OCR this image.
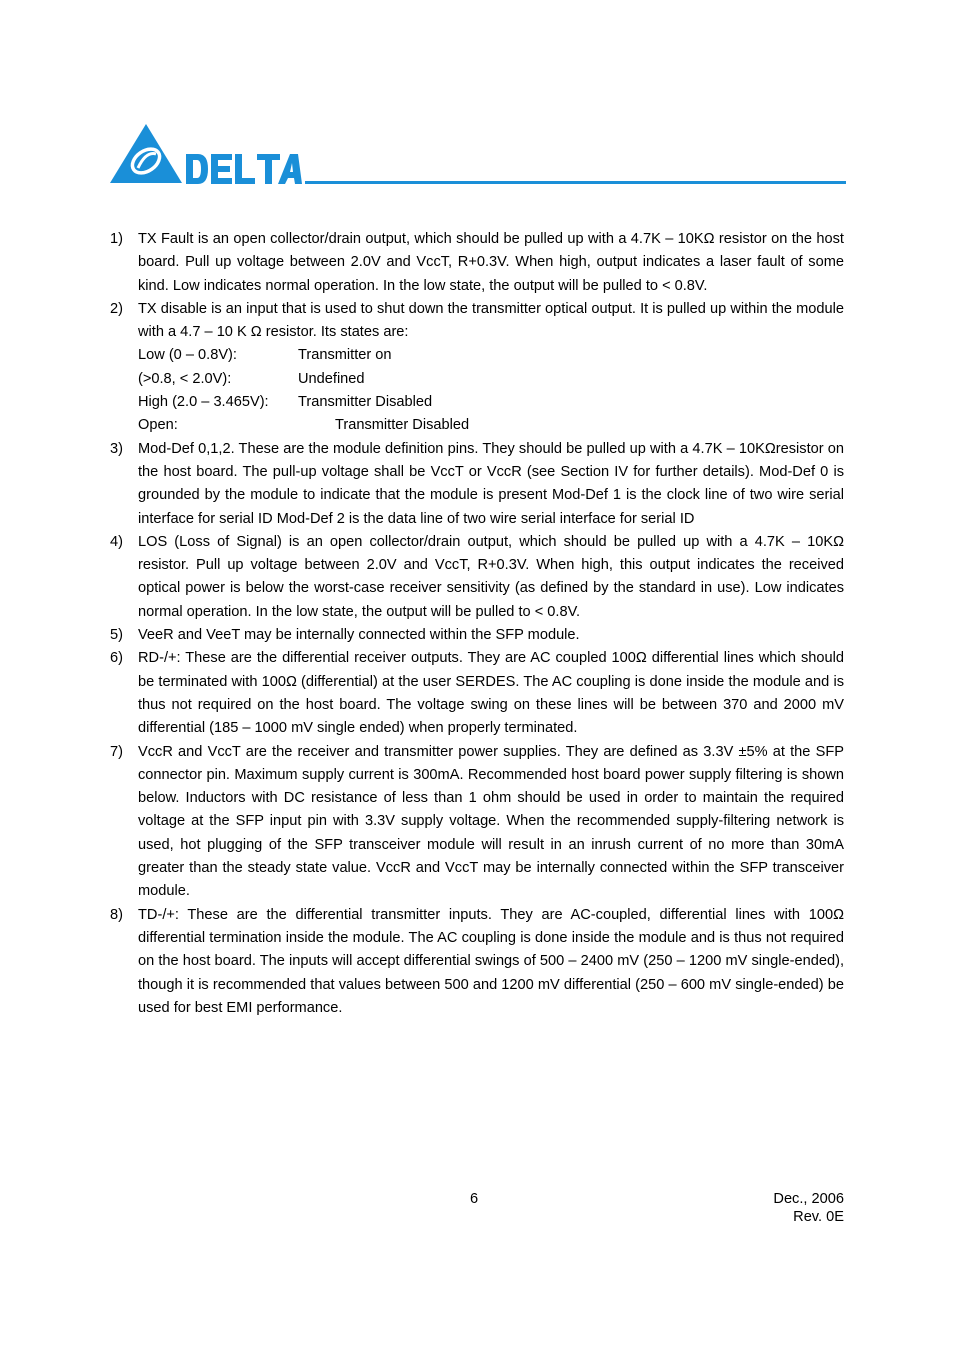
1) TX Fault is an open collector/drain output, which should be pulled up with a 4.7K – 10KΩ resistor on the host board. Pull up voltage between 2.0V and VccT, R+0.3V. When high, output indicates a laser fault of some kind. Low indicates normal operation. In the low state, the output will be pulled to < 0.8V.
2) TX disable is an input that is used to shut down the transmitter optical output. It is pulled up within the module with a 4.7 – 10 K Ω resistor. Its states are:
Low (0 – 0.8V):	Transmitter on
(>0.8, < 2.0V):	Undefined
High (2.0 – 3.465V):	Transmitter Disabled
Open:	Transmitter Disabled
3) Mod-Def 0,1,2. These are the module definition pins. They should be pulled up with a 4.7K – 10KΩresistor on the host board. The pull-up voltage shall be VccT or VccR (see Section IV for further details). Mod-Def 0 is grounded by the module to indicate that the module is present Mod-Def 1 is the clock line of two wire serial interface for serial ID Mod-Def 2 is the data line of two wire serial interface for serial ID
4) LOS (Loss of Signal) is an open collector/drain output, which should be pulled up with a 4.7K – 10KΩ resistor. Pull up voltage between 2.0V and VccT, R+0.3V. When high, this output indicates the received optical power is below the worst-case receiver sensitivity (as defined by the standard in use). Low indicates normal operation. In the low state, the output will be pulled to < 0.8V.
5) VeeR and VeeT may be internally connected within the SFP module.
6) RD-/+: These are the differential receiver outputs. They are AC coupled 100Ω differential lines which should be terminated with 100Ω (differential) at the user SERDES. The AC coupling is done inside the module and is thus not required on the host board. The voltage swing on these lines will be between 370 and 2000 mV differential (185 – 1000 mV single ended) when properly terminated.
7) VccR and VccT are the receiver and transmitter power supplies. They are defined as 3.3V ±5% at the SFP connector pin. Maximum supply current is 300mA. Recommended host board power supply filtering is shown below. Inductors with DC resistance of less than 1 ohm should be used in order to maintain the required voltage at the SFP input pin with 3.3V supply voltage. When the recommended supply-filtering network is used, hot plugging of the SFP transceiver module will result in an inrush current of no more than 30mA greater than the steady state value. VccR and VccT may be internally connected within the SFP transceiver module.
8) TD-/+: These are the differential transmitter inputs. They are AC-coupled, differential lines with 100Ω differential termination inside the module. The AC coupling is done inside the module and is thus not required on the host board. The inputs will accept differential swings of 500 – 2400 mV (250 – 1200 mV single-ended), though it is recommended that values between 500 and 1200 mV differential (250 – 600 mV single-ended) be used for best EMI performance.
6	Dec., 2006
Rev. 0E
